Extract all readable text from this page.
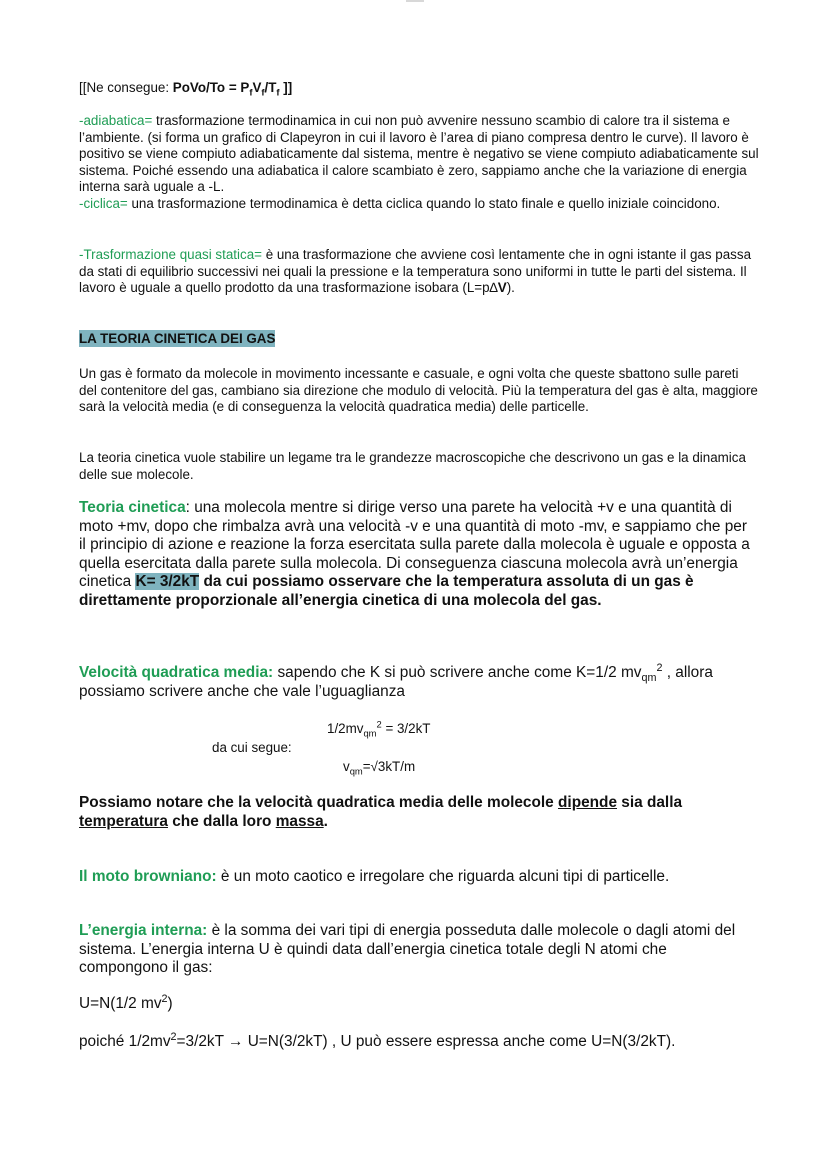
[[Ne consegue: PoVo/To = $P_fV_f/T_f$ ]]

-adiabatica= trasformazione termodinamica in cui non può avvenire nessuno scambio di calore tra il sistema e l’ambiente. (si forma un grafico di Clapeyron in cui il lavoro è l’area di piano compresa dentro le curve). Il lavoro è positivo se viene compiuto adiabaticamente dal sistema, mentre è negativo se viene compiuto adiabaticamente sul sistema. Poiché essendo una adiabatica il calore scambiato è zero, sappiamo anche che la variazione di energia interna sarà uguale a -L.

-ciclica= una trasformazione termodinamica è detta ciclica quando lo stato finale e quello iniziale coincidono.

-Trasformazione quasi statica= è una trasformazione che avviene così lentamente che in ogni istante il gas passa da stati di equilibrio successivi nei quali la pressione e la temperatura sono uniformi in tutte le parti del sistema. Il lavoro è uguale a quello prodotto da una trasformazione isobara (L=p∆V).

LA TEORIA CINETICA DEI GAS

Un gas è formato da molecole in movimento incessante e casuale, e ogni volta che queste sbattono sulle pareti del contenitore del gas, cambiano sia direzione che modulo di velocità. Più la temperatura del gas è alta, maggiore sarà la velocità media (e di conseguenza la velocità quadratica media) delle particelle.

La teoria cinetica vuole stabilire un legame tra le grandezze macroscopiche che descrivono un gas e la dinamica delle sue molecole.

Teoria cinetica: una molecola mentre si dirige verso una parete ha velocità +v e una quantità di moto +mv, dopo che rimbalza avrà una velocità -v e una quantità di moto -mv, e sappiamo che per il principio di azione e reazione la forza esercitata sulla parete dalla molecola è uguale e opposta a quella esercitata dalla parete sulla molecola. Di conseguenza ciascuna molecola avrà un’energia cinetica K= 3/2kT da cui possiamo osservare che la temperatura assoluta di un gas è direttamente proporzionale all’energia cinetica di una molecola del gas.

Velocità quadratica media: sapendo che K si può scrivere anche come K=1/2 $mv_{qm}^2$ , allora possiamo scrivere anche che vale l’uguaglianza

$1/2mv_{qm}^2 = 3/2kT$
da cui segue:
$v_{qm}=√3kT/m$

Possiamo notare che la velocità quadratica media delle molecole dipende sia dalla temperatura che dalla loro massa.

Il moto browniano: è un moto caotico e irregolare che riguarda alcuni tipi di particelle.

L’energia interna: è la somma dei vari tipi di energia posseduta dalle molecole o dagli atomi del sistema. L’energia interna U è quindi data dall’energia cinetica totale degli N atomi che compongono il gas:

U=N(1/2 $mv^2$)

poiché $1/2mv^2=3/2kT \to U=N(3/2kT)$ , U può essere espressa anche come U=N(3/2kT).
